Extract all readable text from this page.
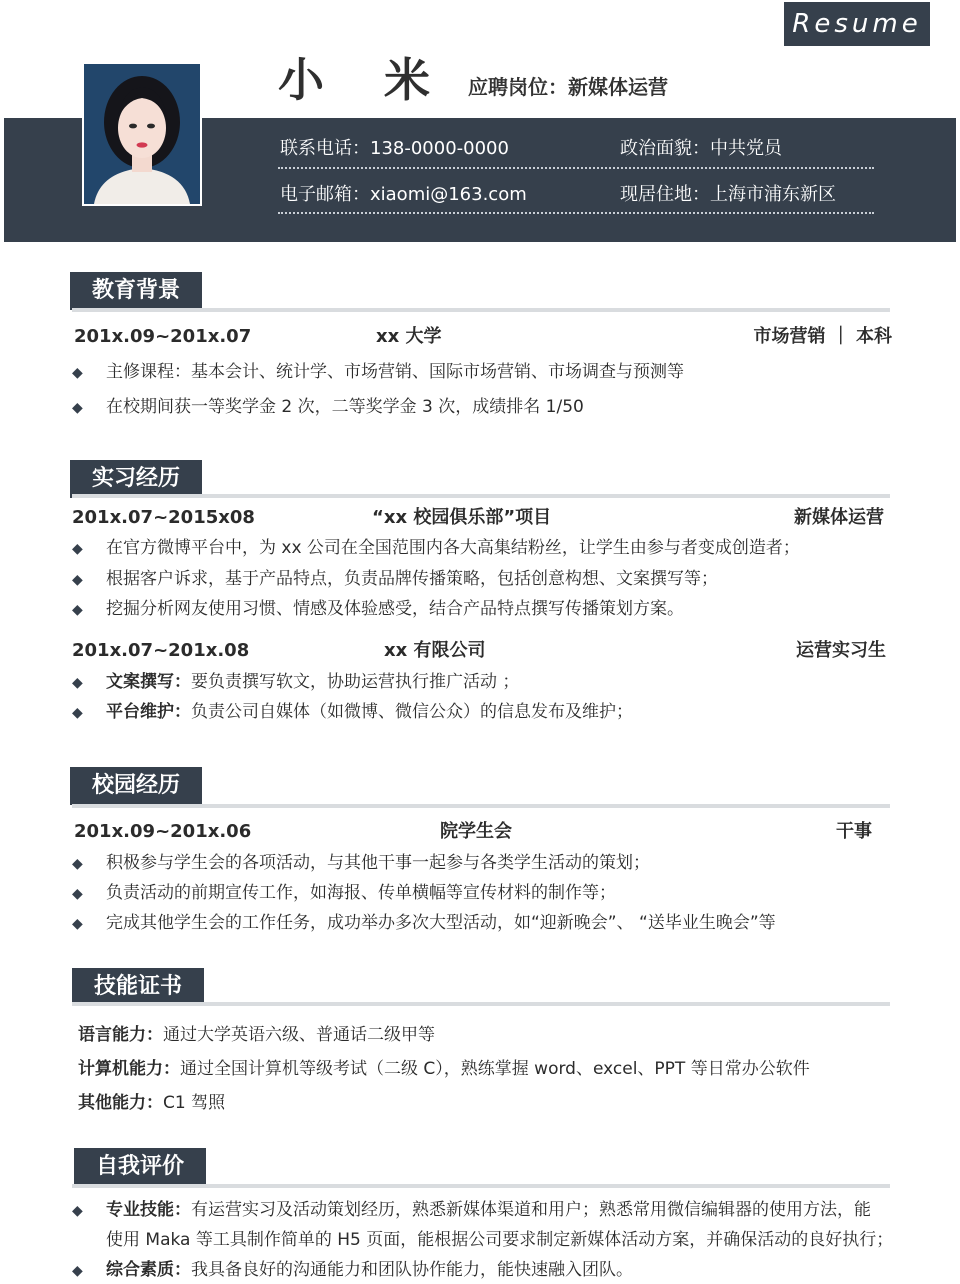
Resume
小 米 应聘岗位：新媒体运营
联系电话：138-0000-0000	政治面貌：中共党员
电子邮箱：xiaomi@163.com	现居住地：上海市浦东新区
教育背景
201x.09~201x.07	xx 大学	市场营销 ｜ 本科
◆ 主修课程：基本会计、统计学、市场营销、国际市场营销、市场调查与预测等
◆ 在校期间获一等奖学金 2 次，二等奖学金 3 次，成绩排名 1/50
实习经历
201x.07~2015x08	“xx 校园俱乐部”项目	新媒体运营
◆ 在官方微博平台中，为 xx 公司在全国范围内各大高集结粉丝，让学生由参与者变成创造者；
◆ 根据客户诉求，基于产品特点，负责品牌传播策略，包括创意构想、文案撰写等；
◆ 挖掘分析网友使用习惯、情感及体验感受，结合产品特点撰写传播策划方案。
201x.07~201x.08	xx 有限公司	运营实习生
◆ 文案撰写：要负责撰写软文，协助运营执行推广活动 ；
◆ 平台维护：负责公司自媒体（如微博、微信公众）的信息发布及维护；
校园经历
201x.09~201x.06	院学生会	干事
◆ 积极参与学生会的各项活动，与其他干事一起参与各类学生活动的策划；
◆ 负责活动的前期宣传工作，如海报、传单横幅等宣传材料的制作等；
◆ 完成其他学生会的工作任务，成功举办多次大型活动，如“迎新晚会”、 “送毕业生晚会”等
技能证书
语言能力：通过大学英语六级、普通话二级甲等
计算机能力：通过全国计算机等级考试（二级 C），熟练掌握 word、excel、PPT 等日常办公软件
其他能力：C1 驾照
自我评价
◆ 专业技能：有运营实习及活动策划经历，熟悉新媒体渠道和用户；熟悉常用微信编辑器的使用方法，能
使用 Maka 等工具制作简单的 H5 页面，能根据公司要求制定新媒体活动方案，并确保活动的良好执行；
◆ 综合素质：我具备良好的沟通能力和团队协作能力，能快速融入团队。
